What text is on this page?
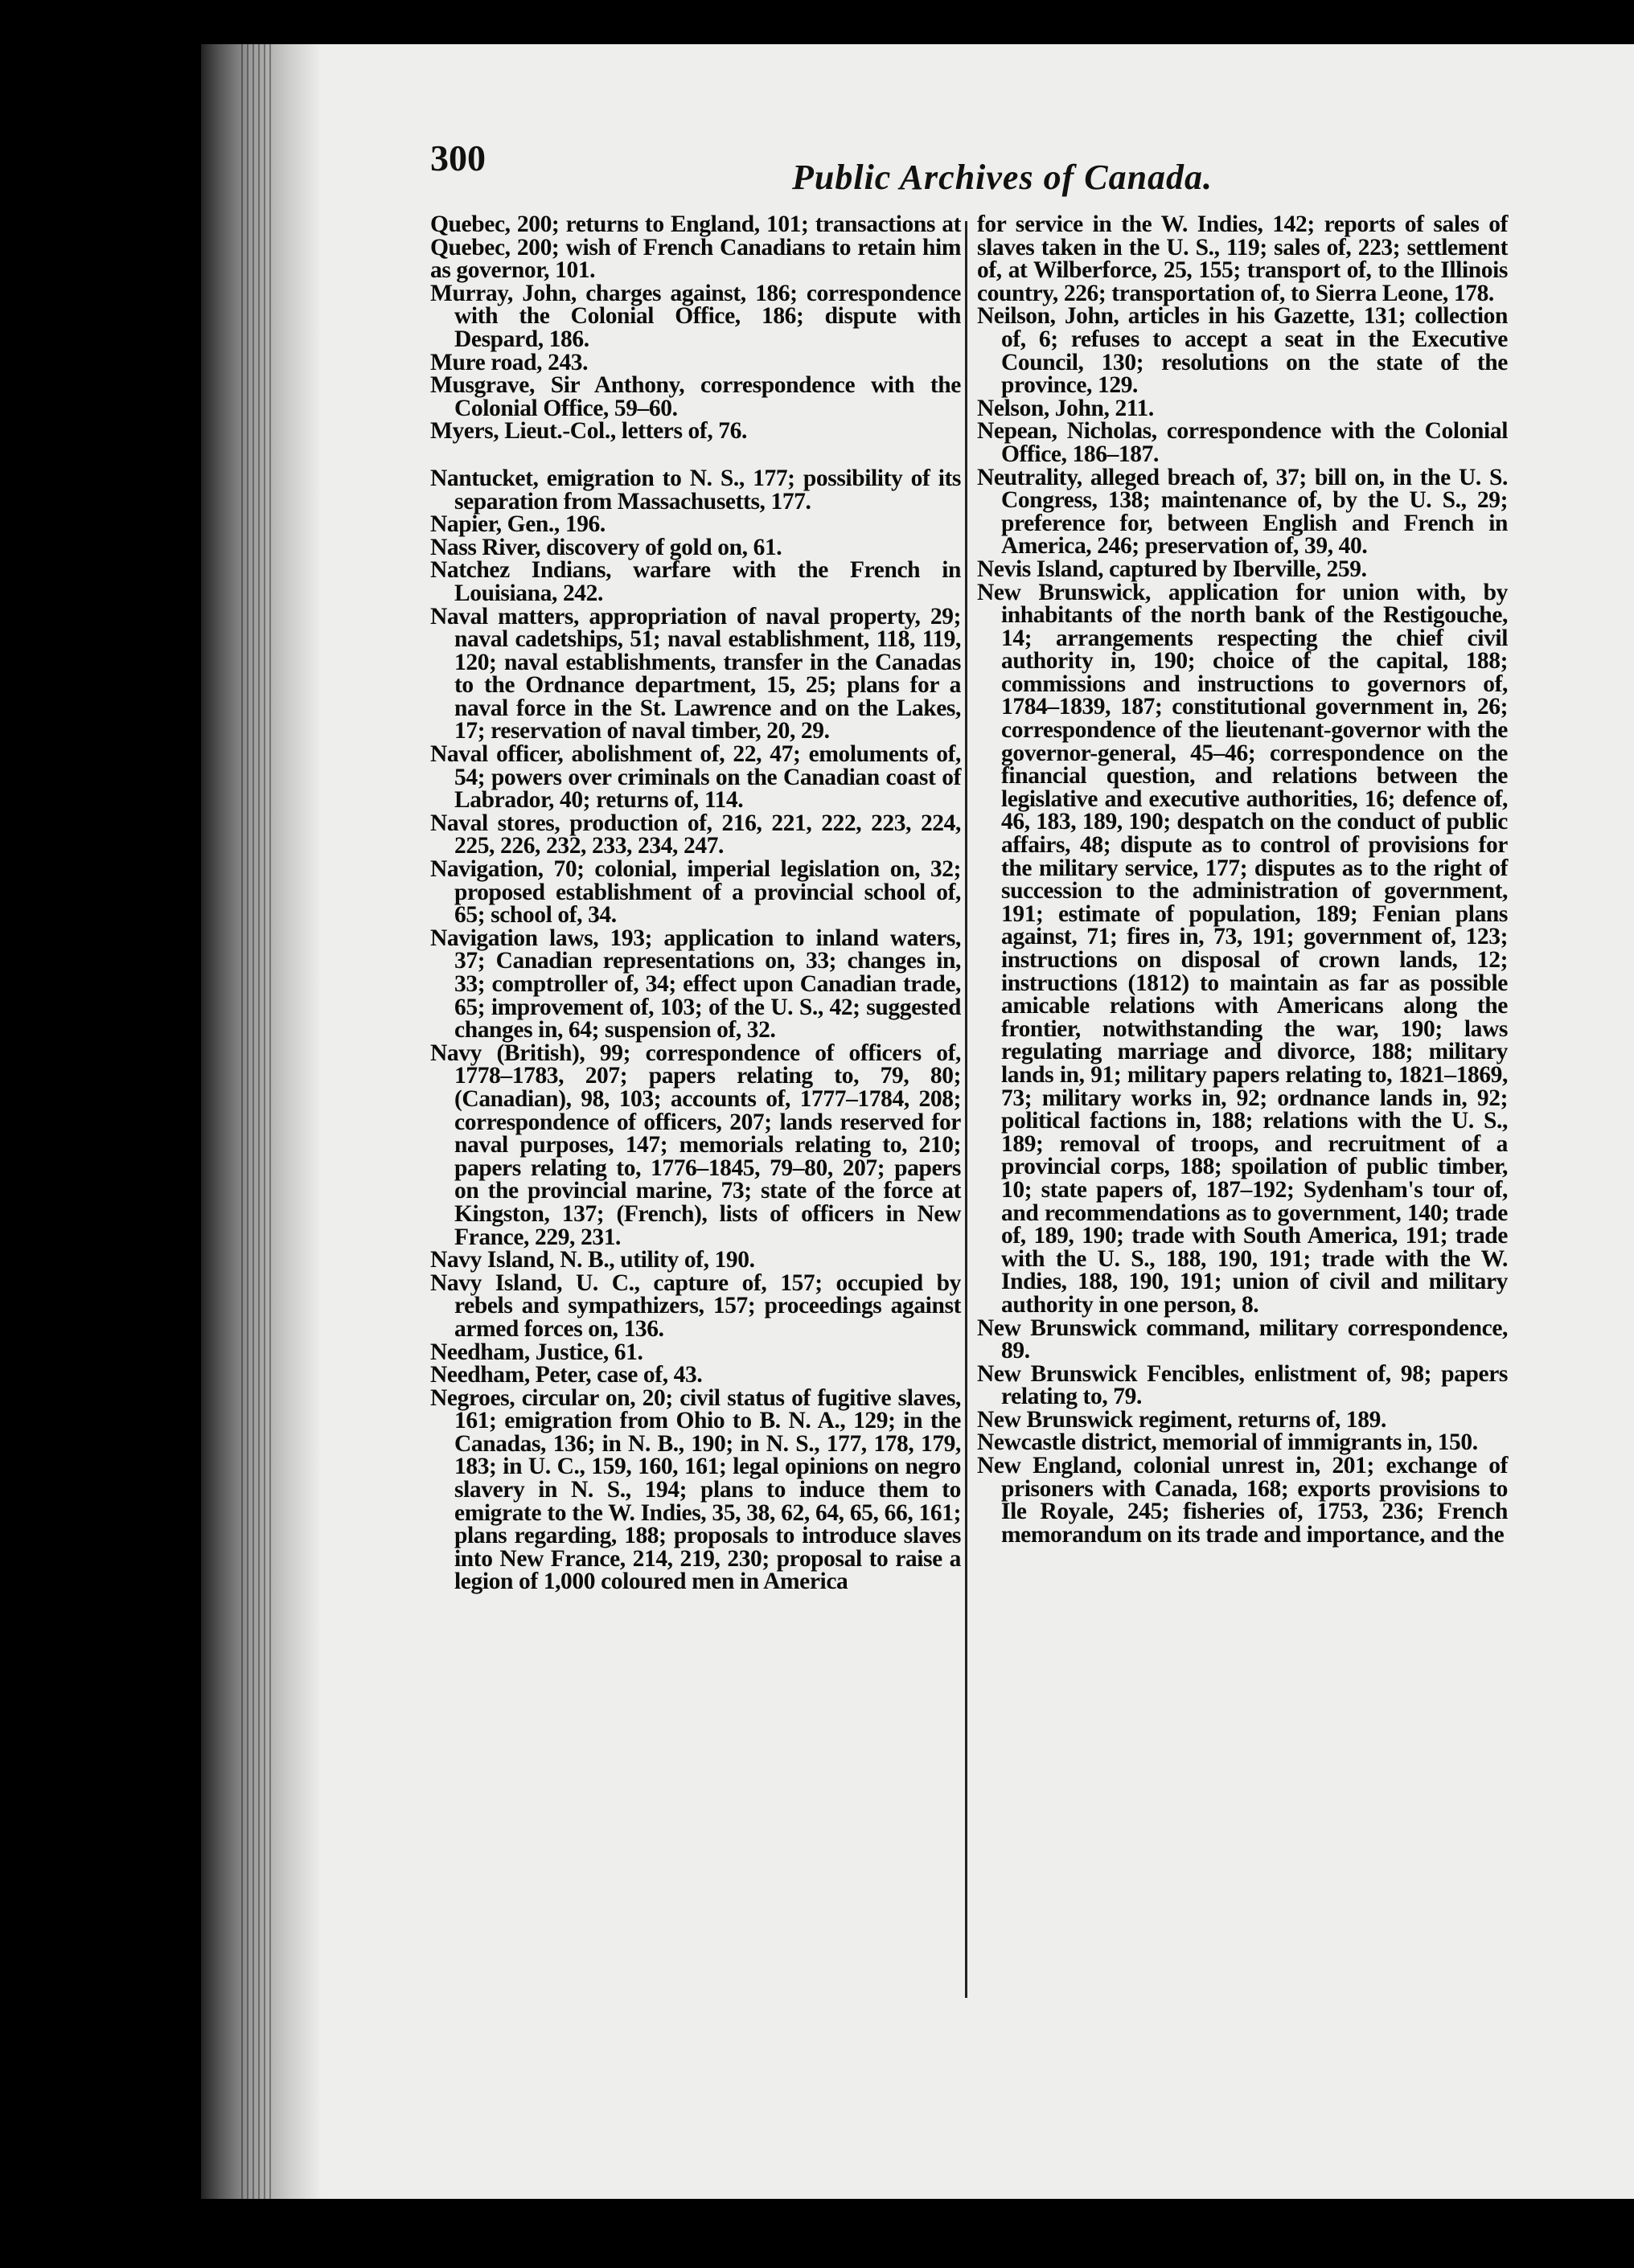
300	Public Archives of Canada.

Quebec, 200; returns to England, 101; transactions at Quebec, 200; wish of French Canadians to retain him as governor, 101.

Murray, John, charges against, 186; correspondence with the Colonial Office, 186; dispute with Despard, 186.

Mure road, 243.

Musgrave, Sir Anthony, correspondence with the Colonial Office, 59–60.

Myers, Lieut.-Col., letters of, 76.

Nantucket, emigration to N. S., 177; possibility of its separation from Massachusetts, 177.

Napier, Gen., 196.

Nass River, discovery of gold on, 61.

Natchez Indians, warfare with the French in Louisiana, 242.

Naval matters, appropriation of naval property, 29; naval cadetships, 51; naval establishment, 118, 119, 120; naval establishments, transfer in the Canadas to the Ordnance department, 15, 25; plans for a naval force in the St. Lawrence and on the Lakes, 17; reservation of naval timber, 20, 29.

Naval officer, abolishment of, 22, 47; emoluments of, 54; powers over criminals on the Canadian coast of Labrador, 40; returns of, 114.

Naval stores, production of, 216, 221, 222, 223, 224, 225, 226, 232, 233, 234, 247.

Navigation, 70; colonial, imperial legislation on, 32; proposed establishment of a provincial school of, 65; school of, 34.

Navigation laws, 193; application to inland waters, 37; Canadian representations on, 33; changes in, 33; comptroller of, 34; effect upon Canadian trade, 65; improvement of, 103; of the U. S., 42; suggested changes in, 64; suspension of, 32.

Navy (British), 99; correspondence of officers of, 1778–1783, 207; papers relating to, 79, 80; (Canadian), 98, 103; accounts of, 1777–1784, 208; correspondence of officers, 207; lands reserved for naval purposes, 147; memorials relating to, 210; papers relating to, 1776–1845, 79–80, 207; papers on the provincial marine, 73; state of the force at Kingston, 137; (French), lists of officers in New France, 229, 231.

Navy Island, N. B., utility of, 190.

Navy Island, U. C., capture of, 157; occupied by rebels and sympathizers, 157; proceedings against armed forces on, 136.

Needham, Justice, 61.

Needham, Peter, case of, 43.

Negroes, circular on, 20; civil status of fugitive slaves, 161; emigration from Ohio to B. N. A., 129; in the Canadas, 136; in N. B., 190; in N. S., 177, 178, 179, 183; in U. C., 159, 160, 161; legal opinions on negro slavery in N. S., 194; plans to induce them to emigrate to the W. Indies, 35, 38, 62, 64, 65, 66, 161; plans regarding, 188; proposals to introduce slaves into New France, 214, 219, 230; proposal to raise a legion of 1,000 coloured men in America

for service in the W. Indies, 142; reports of sales of slaves taken in the U. S., 119; sales of, 223; settlement of, at Wilberforce, 25, 155; transport of, to the Illinois country, 226; transportation of, to Sierra Leone, 178.

Neilson, John, articles in his Gazette, 131; collection of, 6; refuses to accept a seat in the Executive Council, 130; resolutions on the state of the province, 129.

Nelson, John, 211.

Nepean, Nicholas, correspondence with the Colonial Office, 186–187.

Neutrality, alleged breach of, 37; bill on, in the U. S. Congress, 138; maintenance of, by the U. S., 29; preference for, between English and French in America, 246; preservation of, 39, 40.

Nevis Island, captured by Iberville, 259.

New Brunswick, application for union with, by inhabitants of the north bank of the Restigouche, 14; arrangements respecting the chief civil authority in, 190; choice of the capital, 188; commissions and instructions to governors of, 1784–1839, 187; constitutional government in, 26; correspondence of the lieutenant-governor with the governor-general, 45–46; correspondence on the financial question, and relations between the legislative and executive authorities, 16; defence of, 46, 183, 189, 190; despatch on the conduct of public affairs, 48; dispute as to control of provisions for the military service, 177; disputes as to the right of succession to the administration of government, 191; estimate of population, 189; Fenian plans against, 71; fires in, 73, 191; government of, 123; instructions on disposal of crown lands, 12; instructions (1812) to maintain as far as possible amicable relations with Americans along the frontier, notwithstanding the war, 190; laws regulating marriage and divorce, 188; military lands in, 91; military papers relating to, 1821–1869, 73; military works in, 92; ordnance lands in, 92; political factions in, 188; relations with the U. S., 189; removal of troops, and recruitment of a provincial corps, 188; spoilation of public timber, 10; state papers of, 187–192; Sydenham's tour of, and recommendations as to government, 140; trade of, 189, 190; trade with South America, 191; trade with the U. S., 188, 190, 191; trade with the W. Indies, 188, 190, 191; union of civil and military authority in one person, 8.

New Brunswick command, military correspondence, 89.

New Brunswick Fencibles, enlistment of, 98; papers relating to, 79.

New Brunswick regiment, returns of, 189.

Newcastle district, memorial of immigrants in, 150.

New England, colonial unrest in, 201; exchange of prisoners with Canada, 168; exports provisions to Ile Royale, 245; fisheries of, 1753, 236; French memorandum on its trade and importance, and the
